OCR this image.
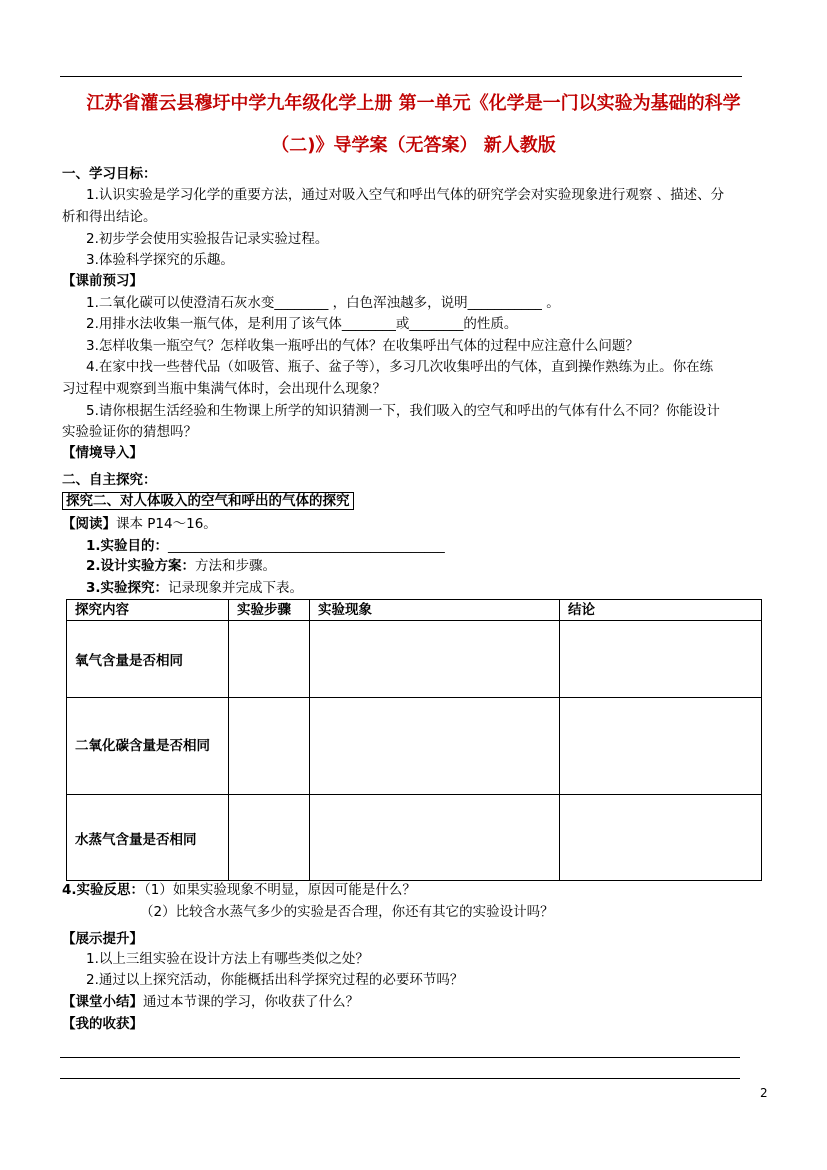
江苏省灌云县穆圩中学九年级化学上册 第一单元《化学是一门以实验为基础的科学
（二)》导学案（无答案） 新人教版
一、学习目标：
1.认识实验是学习化学的重要方法，通过对吸入空气和呼出气体的研究学会对实验现象进行观察 、描述、分
析和得出结论。
2.初步学会使用实验报告记录实验过程。
3.体验科学探究的乐趣。
【课前预习】
1.二氧化碳可以使澄清石灰水变________ ，白色浑浊越多，说明___________ 。
2.用排水法收集一瓶气体，是利用了该气体________或________的性质。
3.怎样收集一瓶空气？怎样收集一瓶呼出的气体？在收集呼出气体的过程中应注意什么问题？
4.在家中找一些替代品（如吸管、瓶子、盆子等），多习几次收集呼出的气体，直到操作熟练为止。你在练
习过程中观察到当瓶中集满气体时，会出现什么现象？
5.请你根据生活经验和生物课上所学的知识猜测一下，我们吸入的空气和呼出的气体有什么不同？你能设计
实验验证你的猜想吗？
【情境导入】
二、自主探究：
探究二、对人体吸入的空气和呼出的气体的探究
【阅读】课本 P14～16。
1.实验目的：_________________________________________
2.设计实验方案：方法和步骤。
3.实验探究：记录现象并完成下表。
探究内容	实验步骤	实验现象	结论
氧气含量是否相同			
二氧化碳含量是否相同			
水蒸气含量是否相同			
4.实验反思：（1）如果实验现象不明显，原因可能是什么？
（2）比较含水蒸气多少的实验是否合理，你还有其它的实验设计吗？
【展示提升】
1.以上三组实验在设计方法上有哪些类似之处？
2.通过以上探究活动，你能概括出科学探究过程的必要环节吗？
【课堂小结】通过本节课的学习，你收获了什么？
【我的收获】
2
